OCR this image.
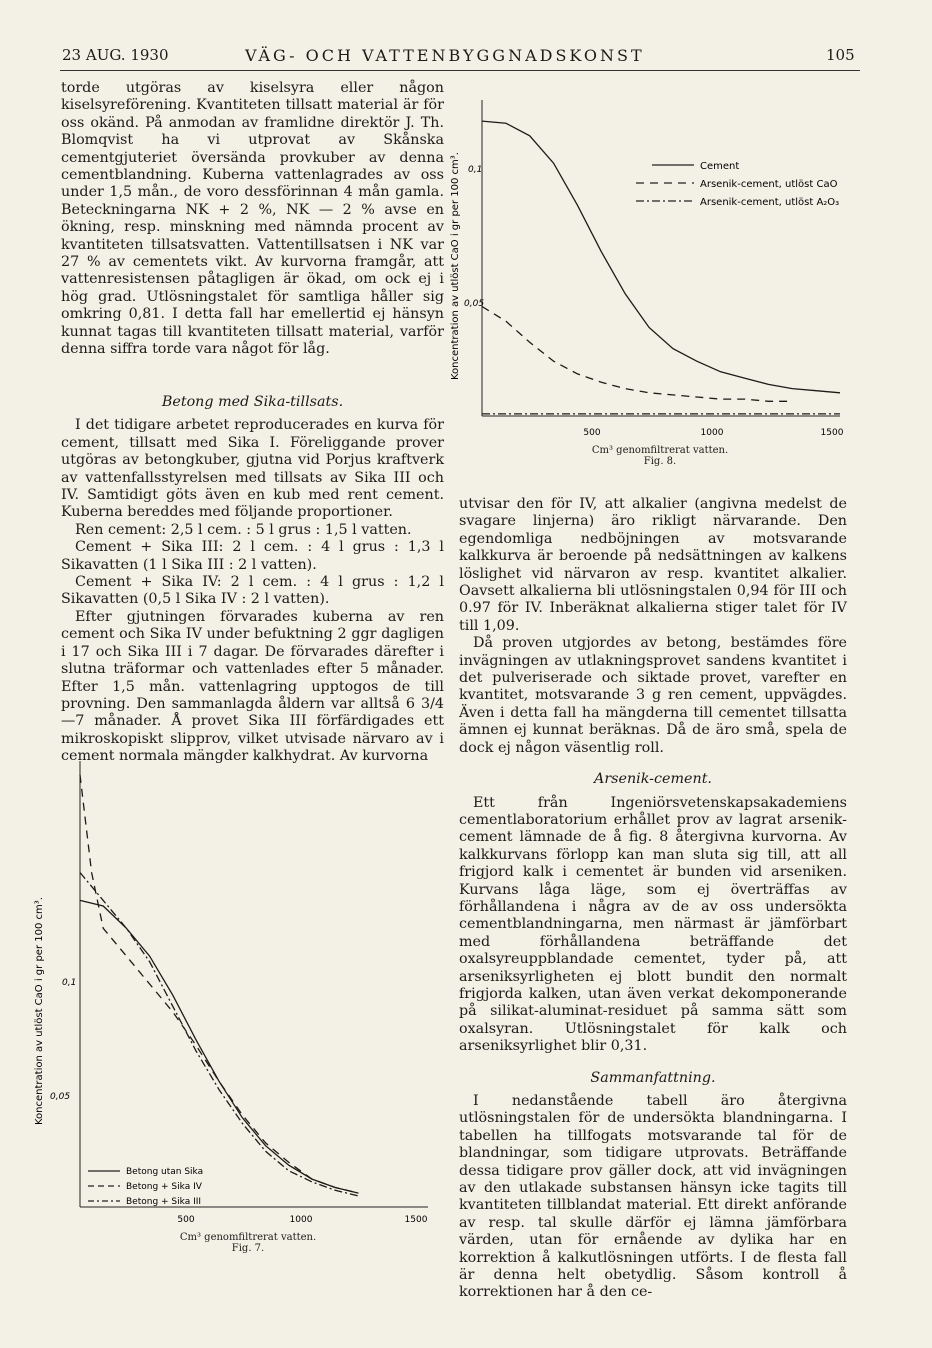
23 AUG. 1930	VÄG- OCH VATTENBYGGNADSKONST	105

torde utgöras av kiselsyra eller någon kiselsyreförening. Kvantiteten tillsatt material är för oss okänd. På anmodan av framlidne direktör J. Th. Blomqvist ha vi utprovat av Skånska cementgjuteriet översända provkuber av denna cementblandning. Kuberna vattenlagrades av oss under 1,5 mån., de voro dessförinnan 4 mån gamla. Beteckningarna NK + 2 %, NK — 2 % avse en ökning, resp. minskning med nämnda procent av kvantiteten tillsatsvatten. Vattentillsatsen i NK var 27 % av cementets vikt. Av kurvorna framgår, att vattenresistensen påtagligen är ökad, om ock ej i hög grad. Utlösningstalet för samtliga håller sig omkring 0,81. I detta fall har emellertid ej hänsyn kunnat tagas till kvantiteten tillsatt material, varför denna siffra torde vara något för låg.

Betong med Sika-tillsats.

I det tidigare arbetet reproducerades en kurva för cement, tillsatt med Sika I. Föreliggande prover utgöras av betongkuber, gjutna vid Porjus kraftverk av vattenfallsstyrelsen med tillsats av Sika III och IV. Samtidigt göts även en kub med rent cement. Kuberna bereddes med följande proportioner.

Ren cement: 2,5 l cem. : 5 l grus : 1,5 l vatten.

Cement + Sika III: 2 l cem. : 4 l grus : 1,3 l Sikavatten (1 l Sika III : 2 l vatten).

Cement + Sika IV: 2 l cem. : 4 l grus : 1,2 l Sikavatten (0,5 l Sika IV : 2 l vatten).

Efter gjutningen förvarades kuberna av ren cement och Sika IV under befuktning 2 ggr dagligen i 17 och Sika III i 7 dagar. De förvarades därefter i slutna träformar och vattenlades efter 5 månader. Efter 1,5 mån. vattenlagring upptogos de till provning. Den sammanlagda åldern var alltså 6 3/4—7 månader. Å provet Sika III förfärdigades ett mikroskopiskt slipprov, vilket utvisade närvaro av i cement normala mängder kalkhydrat. Av kurvorna

Koncentration av utlöst CaO i gr per 100 cm³. 0,1
0,05
500	1000	1500
Cement
Arsenik-cement, utlöst CaO
Arsenik-cement, utlöst A₂O₃
Cm³ genomfiltrerat vatten.
Fig. 8.

utvisar den för IV, att alkalier (angivna medelst de svagare linjerna) äro rikligt närvarande. Den egendomliga nedböjningen av motsvarande kalkkurva är beroende på nedsättningen av kalkens löslighet vid närvaron av resp. kvantitet alkalier. Oavsett alkalierna bli utlösningstalen 0,94 för III och 0.97 för IV. Inberäknat alkalierna stiger talet för IV till 1,09.

Då proven utgjordes av betong, bestämdes före invägningen av utlakningsprovet sandens kvantitet i det pulveriserade och siktade provet, varefter en kvantitet, motsvarande 3 g ren cement, uppvägdes. Även i detta fall ha mängderna till cementet tillsatta ämnen ej kunnat beräknas. Då de äro små, spela de dock ej någon väsentlig roll.

Arsenik-cement.

Ett från Ingeniörsvetenskapsakademiens cementlaboratorium erhållet prov av lagrat arsenik-cement lämnade de å fig. 8 återgivna kurvorna. Av kalkkurvans förlopp kan man sluta sig till, att all frigjord kalk i cementet är bunden vid arseniken. Kurvans låga läge, som ej överträffas av förhållandena i några av de av oss undersökta cementblandningarna, men närmast är jämförbart med förhållandena beträffande det oxalsyreuppblandade cementet, tyder på, att arseniksyrligheten ej blott bundit den normalt frigjorda kalken, utan även verkat dekomponerande på silikat-aluminat-residuet på samma sätt som oxalsyran. Utlösningstalet för kalk och arseniksyrlighet blir 0,31.

Sammanfattning.

I nedanstående tabell äro återgivna utlösningstalen för de undersökta blandningarna. I tabellen ha tillfogats motsvarande tal för de blandningar, som tidigare utprovats. Beträffande dessa tidigare prov gäller dock, att vid invägningen av den utlakade substansen hänsyn icke tagits till kvantiteten tillblandat material. Ett direkt anförande av resp. tal skulle därför ej lämna jämförbara värden, utan för ernående av dylika har en korrektion å kalkutlösningen utförts. I de flesta fall är denna helt obetydlig. Såsom kontroll å korrektionen har å den ce-

Koncentration av utlöst CaO i gr per 100 cm³. 0,1
0,05
500	1000	1500
Betong utan Sika
Betong + Sika IV
Betong + Sika III
Cm³ genomfiltrerat vatten.
Fig. 7.
